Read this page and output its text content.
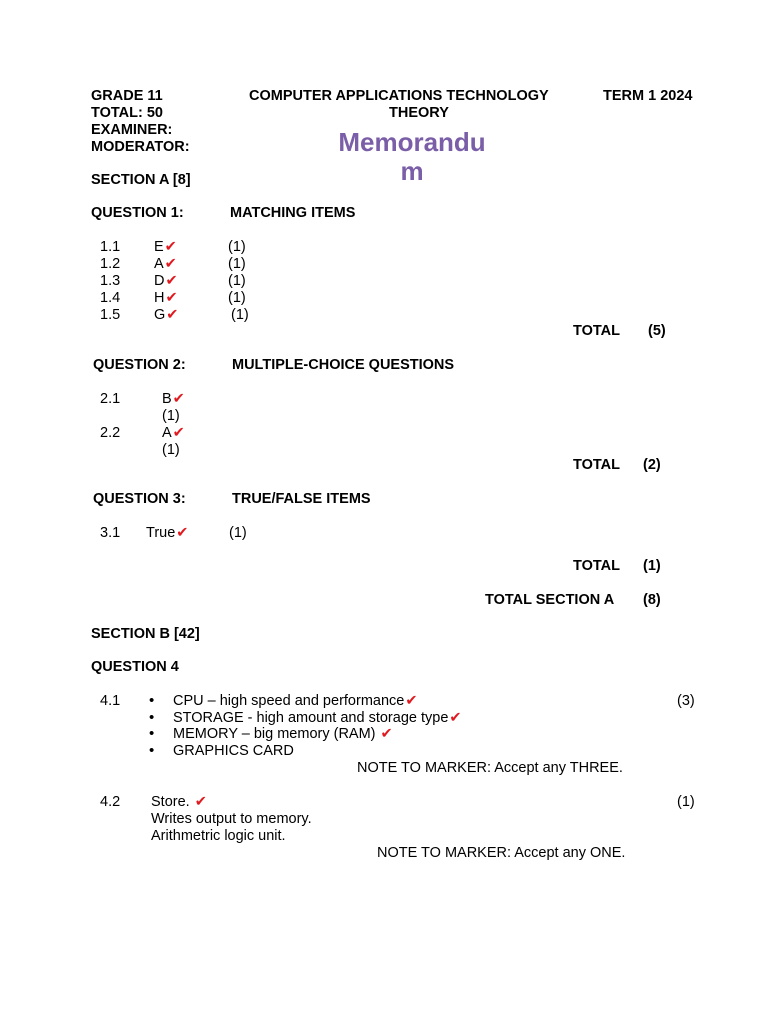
GRADE 11
TOTAL: 50
EXAMINER:
MODERATOR:
COMPUTER APPLICATIONS TECHNOLOGY
THEORY
TERM 1 2024
Memorandu
m
SECTION A [8]
QUESTION 1:	MATCHING ITEMS
1.1 E✔	(1)
1.2 A✔	(1)
1.3 D✔	(1)
1.4 H✔	(1)
1.5 G✔	(1)
TOTAL (5)
QUESTION 2:	MULTIPLE-CHOICE QUESTIONS
2.1	B✔
(1)
2.2	A✔
(1)
TOTAL (2)
QUESTION 3:	TRUE/FALSE ITEMS
3.1 True✔	(1)
TOTAL (1)
TOTAL SECTION A (8)
SECTION B [42]
QUESTION 4
4.1
•	CPU – high speed and performance✔
• STORAGE - high amount and storage type✔
• MEMORY – big memory (RAM) ✔
• GRAPHICS CARD
(3)
NOTE TO MARKER: Accept any THREE.
4.2 Store. ✔
Writes output to memory.
Arithmetric logic unit.
(1)
NOTE TO MARKER: Accept any ONE.
